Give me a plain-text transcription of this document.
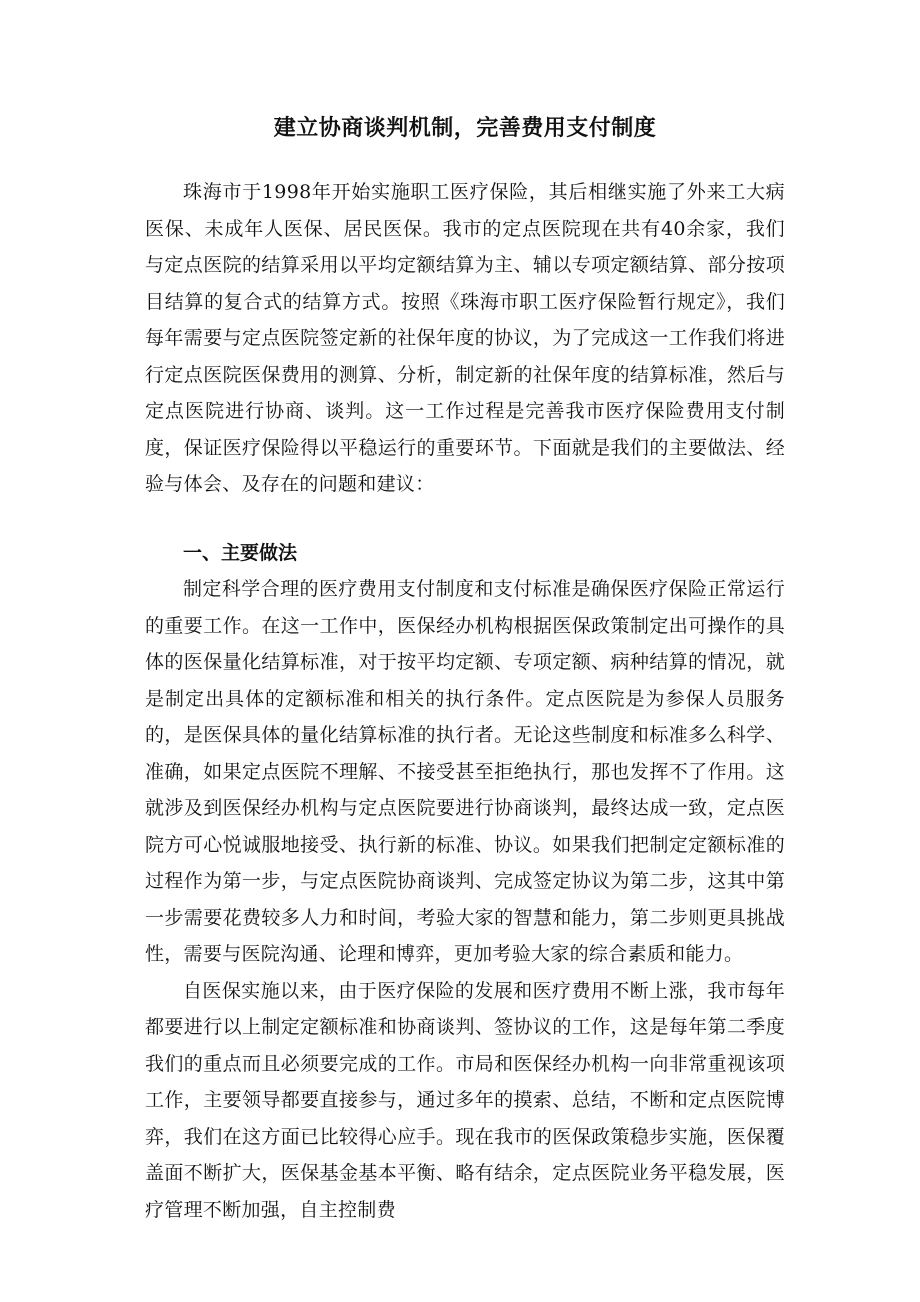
建立协商谈判机制，完善费用支付制度

珠海市于1998年开始实施职工医疗保险，其后相继实施了外来工大病医保、未成年人医保、居民医保。我市的定点医院现在共有40余家，我们与定点医院的结算采用以平均定额结算为主、辅以专项定额结算、部分按项目结算的复合式的结算方式。按照《珠海市职工医疗保险暂行规定》，我们每年需要与定点医院签定新的社保年度的协议，为了完成这一工作我们将进行定点医院医保费用的测算、分析，制定新的社保年度的结算标准，然后与定点医院进行协商、谈判。这一工作过程是完善我市医疗保险费用支付制度，保证医疗保险得以平稳运行的重要环节。下面就是我们的主要做法、经验与体会、及存在的问题和建议：

一、主要做法

制定科学合理的医疗费用支付制度和支付标准是确保医疗保险正常运行的重要工作。在这一工作中，医保经办机构根据医保政策制定出可操作的具体的医保量化结算标准，对于按平均定额、专项定额、病种结算的情况，就是制定出具体的定额标准和相关的执行条件。定点医院是为参保人员服务的，是医保具体的量化结算标准的执行者。无论这些制度和标准多么科学、准确，如果定点医院不理解、不接受甚至拒绝执行，那也发挥不了作用。这就涉及到医保经办机构与定点医院要进行协商谈判，最终达成一致，定点医院方可心悦诚服地接受、执行新的标准、协议。如果我们把制定定额标准的过程作为第一步，与定点医院协商谈判、完成签定协议为第二步，这其中第一步需要花费较多人力和时间，考验大家的智慧和能力，第二步则更具挑战性，需要与医院沟通、论理和博弈，更加考验大家的综合素质和能力。

自医保实施以来，由于医疗保险的发展和医疗费用不断上涨，我市每年都要进行以上制定定额标准和协商谈判、签协议的工作，这是每年第二季度我们的重点而且必须要完成的工作。市局和医保经办机构一向非常重视该项工作，主要领导都要直接参与，通过多年的摸索、总结，不断和定点医院博弈，我们在这方面已比较得心应手。现在我市的医保政策稳步实施，医保覆盖面不断扩大，医保基金基本平衡、略有结余，定点医院业务平稳发展，医疗管理不断加强，自主控制费
